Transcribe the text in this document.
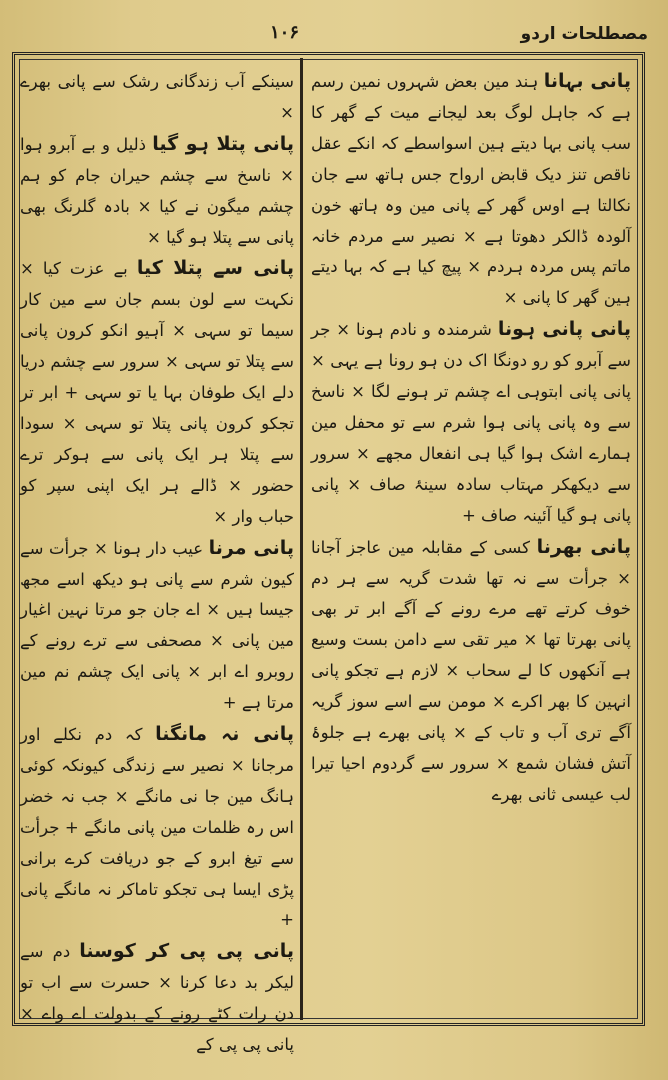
مصطلحات اردو
۱۰۶

پانی بہانا ہند مین بعض شہروں نمین رسم ہے کہ جاہل لوگ بعد لیجانے میت کے گھر کا سب پانی بہا دیتے ہین اسواسطے کہ انکے عقل ناقص تنز دیک قابض ارواح جس ہاتھ سے جان نکالتا ہے اوس گھر کے پانی مین وہ ہاتھ خون آلودہ ڈالکر دھوتا ہے × نصیر سے مردم خانہ ماتم پس مردہ ہردم × پیچ کیا ہے کہ بہا دیتے ہین گھر کا پانی ×

پانی پانی ہونا شرمندہ و نادم ہونا × جر سے آبرو کو رو دونگا اک دن ہو رونا ہے یہی × پانی پانی ابتوہی اے چشم تر ہونے لگا × ناسخ سے وہ پانی پانی ہوا شرم سے تو محفل مین ہمارے اشک ہوا گیا ہی انفعال مجھے × سرور سے دیکھکر مہتاب سادہ سینۂ صاف × پانی پانی ہو گیا آئینہ صاف +

پانی بھرنا کسی کے مقابلہ مین عاجز آجانا × جرأت سے نہ تھا شدت گریہ سے ہر دم خوف کرتے تھے مرے رونے کے آگے ابر تر بھی پانی بھرتا تھا × میر تقی سے دامن بست وسیع ہے آنکھوں کا لے سحاب × لازم ہے تجکو پانی انہین کا بھر اکرے × مومن سے اسے سوز گریہ آگے تری آب و تاب کے × پانی بھرے ہے جلوۂ آتش فشان شمع × سرور سے گردوم احیا تیرا لب عیسی ثانی بھرے

سینکے آب زندگانی رشک سے پانی بھرے ×

پانی پتلا ہو گیا ذلیل و بے آبرو ہوا × ناسخ سے چشم حیران جام کو ہم چشم میگون نے کیا × بادہ گلرنگ بھی پانی سے پتلا ہو گیا ×

پانی سے پتلا کیا بے عزت کیا × نکہت سے لون بسم جان سے مین کار سیما تو سہی × آہیو انکو کرون پانی سے پتلا تو سہی × سرور سے چشم دریا دلے ایک طوفان بہا یا تو سہی + ابر تر تجکو کرون پانی پتلا تو سہی × سودا سے پتلا ہر ایک پانی سے ہوکر ترے حضور × ڈالے ہر ایک اپنی سپر کو حباب وار ×

پانی مرنا عیب دار ہونا × جرأت سے کیون شرم سے پانی ہو دیکھ اسے مجھ جیسا ہیں × اے جان جو مرتا نہین اغیار مین پانی × مصحفی سے ترے رونے کے روبرو اے ابر × پانی ایک چشم نم مین مرتا ہے +

پانی نہ مانگنا کہ دم نکلے اور مرجانا × نصیر سے زندگی کیونکہ کوئی ہانگ مین جا نی مانگے × جب نہ خضر اس رہ ظلمات مین پانی مانگے + جرأت سے تیغ ابرو کے جو دریافت کرے برانی پڑی ایسا ہی تجکو تاماکر نہ مانگے پانی +

پانی پی پی کر کوسنا دم سے لیکر بد دعا کرنا × حسرت سے اب تو دن رات کٹے رونے کے بدولت اے واے × پانی پی پی کے
